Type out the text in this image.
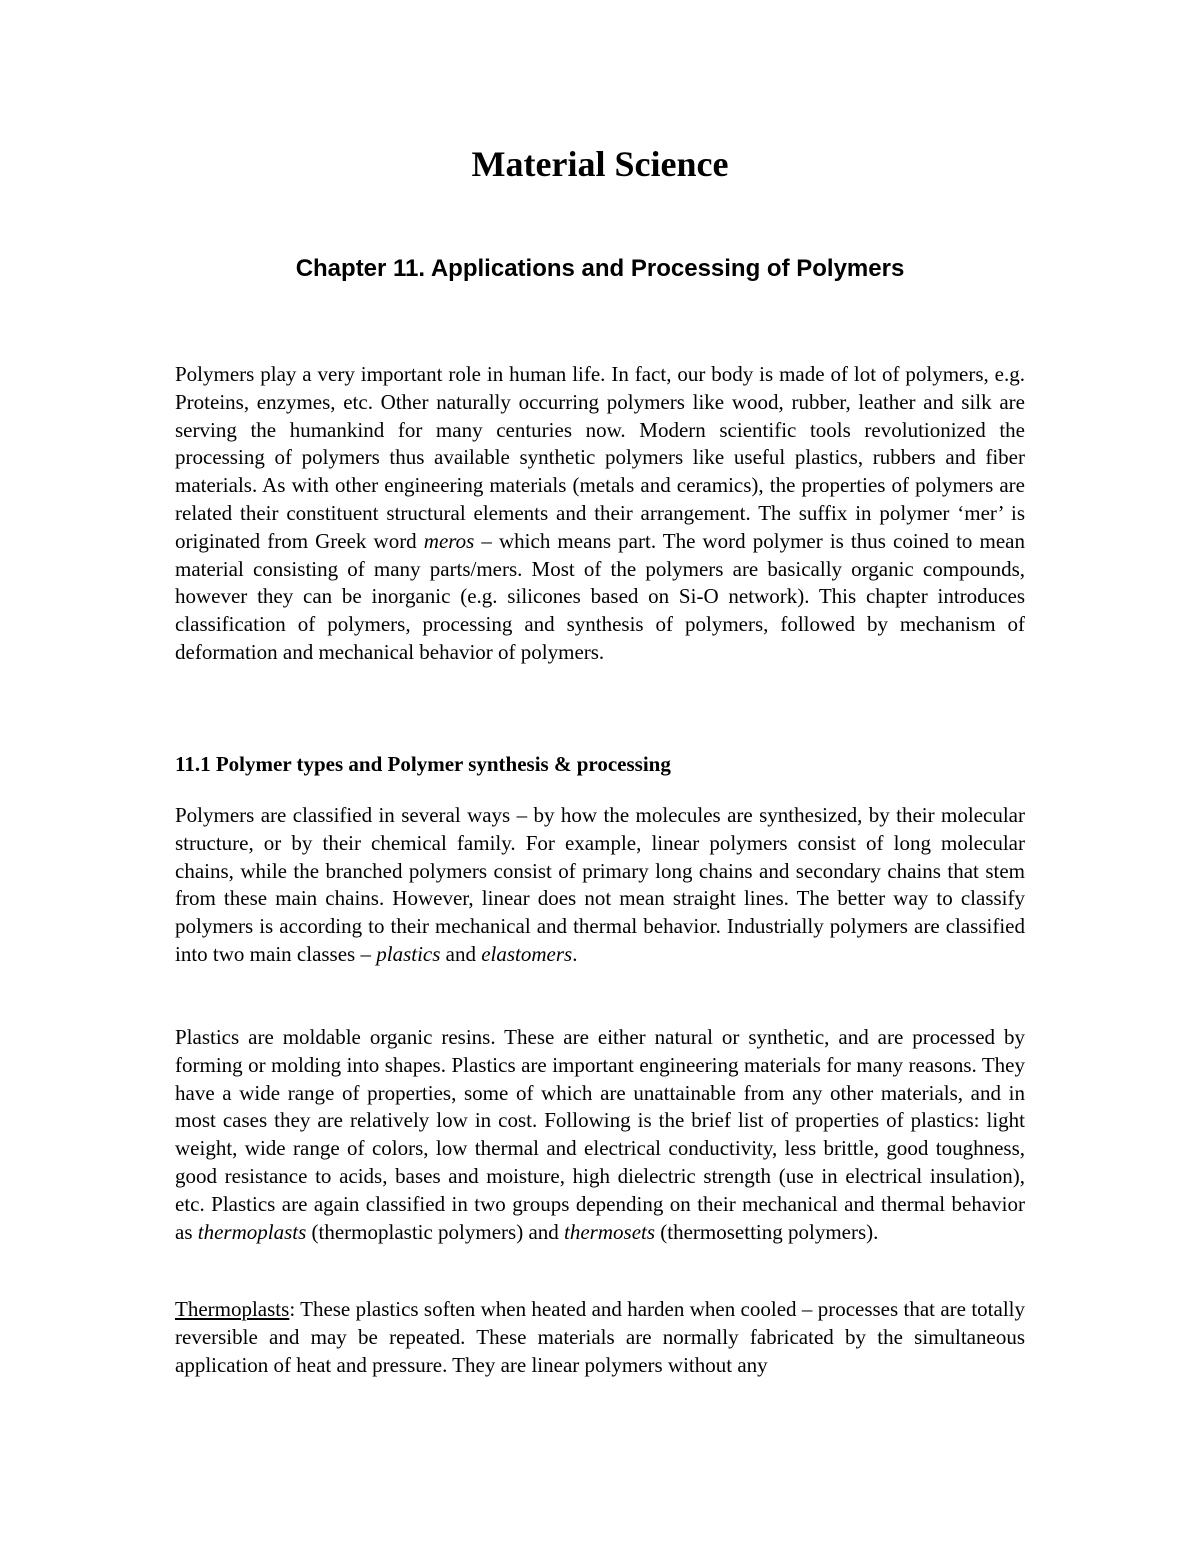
Material Science
Chapter 11. Applications and Processing of Polymers

Polymers play a very important role in human life. In fact, our body is made of lot of polymers, e.g. Proteins, enzymes, etc. Other naturally occurring polymers like wood, rubber, leather and silk are serving the humankind for many centuries now. Modern scientific tools revolutionized the processing of polymers thus available synthetic polymers like useful plastics, rubbers and fiber materials. As with other engineering materials (metals and ceramics), the properties of polymers are related their constituent structural elements and their arrangement. The suffix in polymer ‘mer’ is originated from Greek word meros – which means part. The word polymer is thus coined to mean material consisting of many parts/mers. Most of the polymers are basically organic compounds, however they can be inorganic (e.g. silicones based on Si-O network). This chapter introduces classification of polymers, processing and synthesis of polymers, followed by mechanism of deformation and mechanical behavior of polymers.

11.1 Polymer types and Polymer synthesis & processing

Polymers are classified in several ways – by how the molecules are synthesized, by their molecular structure, or by their chemical family. For example, linear polymers consist of long molecular chains, while the branched polymers consist of primary long chains and secondary chains that stem from these main chains. However, linear does not mean straight lines. The better way to classify polymers is according to their mechanical and thermal behavior. Industrially polymers are classified into two main classes – plastics and elastomers.

Plastics are moldable organic resins. These are either natural or synthetic, and are processed by forming or molding into shapes. Plastics are important engineering materials for many reasons. They have a wide range of properties, some of which are unattainable from any other materials, and in most cases they are relatively low in cost. Following is the brief list of properties of plastics: light weight, wide range of colors, low thermal and electrical conductivity, less brittle, good toughness, good resistance to acids, bases and moisture, high dielectric strength (use in electrical insulation), etc. Plastics are again classified in two groups depending on their mechanical and thermal behavior as thermoplasts (thermoplastic polymers) and thermosets (thermosetting polymers).

Thermoplasts: These plastics soften when heated and harden when cooled – processes that are totally reversible and may be repeated. These materials are normally fabricated by the simultaneous application of heat and pressure. They are linear polymers without any
